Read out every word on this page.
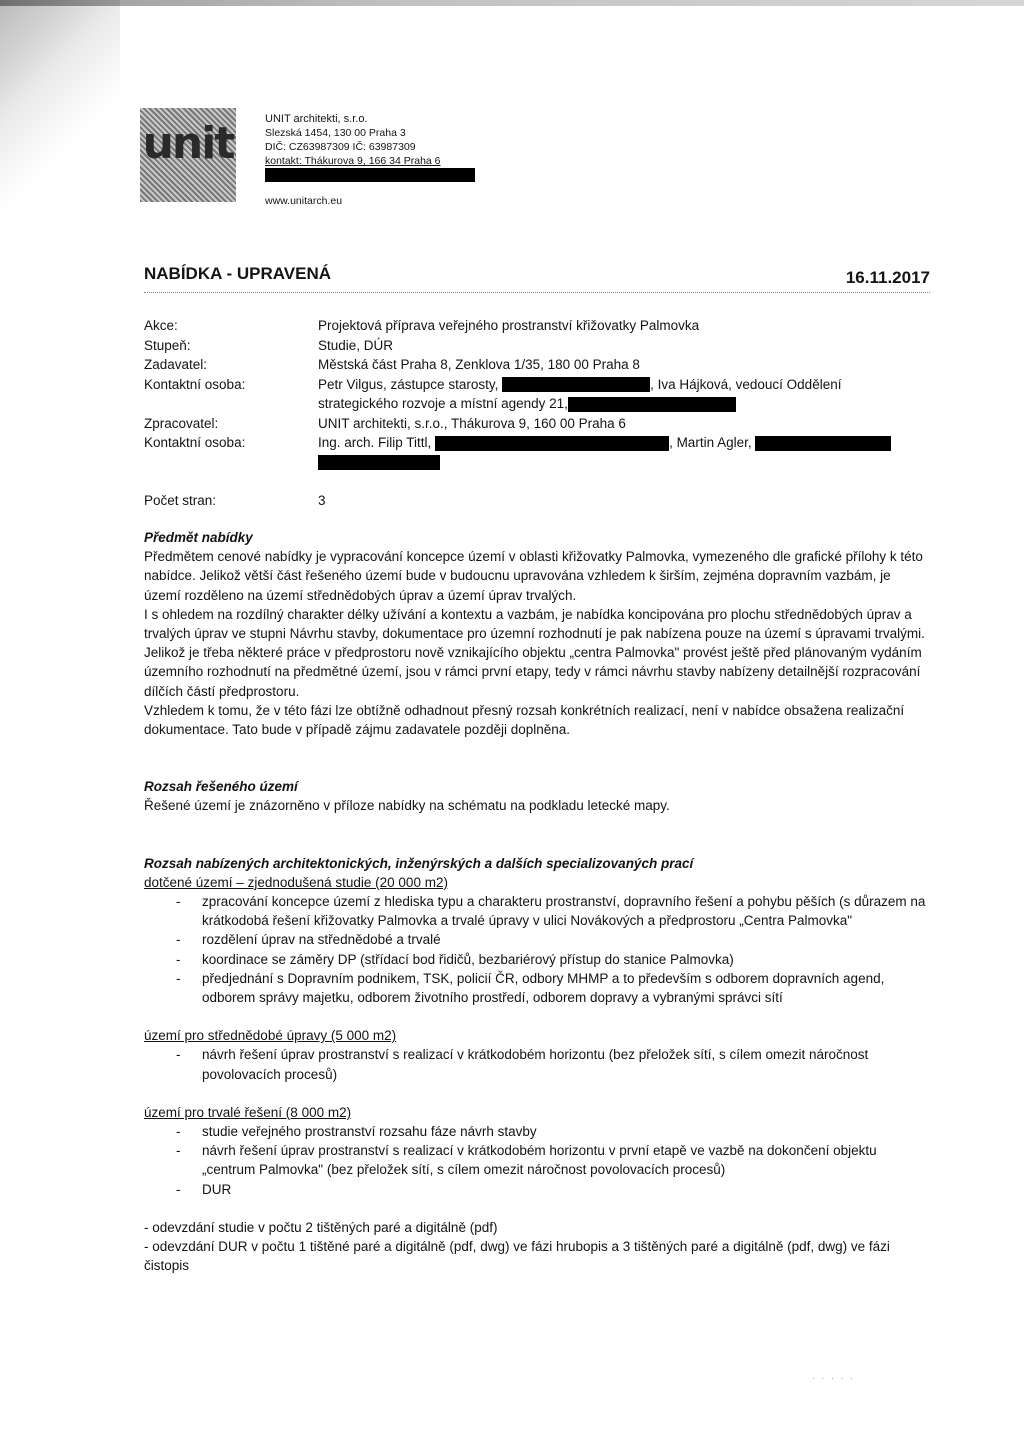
unit	UNIT architekti, s.r.o.
Slezská 1454, 130 00 Praha 3
DIČ: CZ63987309 IČ: 63987309
kontakt: Thákurova 9, 166 34 Praha 6
www.unitarch.eu
NABÍDKA - UPRAVENÁ	16.11.2017
Akce:	Projektová příprava veřejného prostranství křižovatky Palmovka
Stupeň:	Studie, DÚR
Zadavatel:	Městská část Praha 8, Zenklova 1/35, 180 00 Praha 8
Kontaktní osoba:	Petr Vilgus, zástupce starosty,	, Iva Hájková, vedoucí Oddělení
strategického rozvoje a místní agendy 21,
Zpracovatel:	UNIT architekti, s.r.o., Thákurova 9, 160 00 Praha 6
Kontaktní osoba:	Ing. arch. Filip Tittl,	, Martin Agler,

Počet stran:	3

Předmět nabídky

Předmětem cenové nabídky je vypracování koncepce území v oblasti křižovatky Palmovka, vymezeného dle grafické přílohy k této nabídce. Jelikož větší část řešeného území bude v budoucnu upravována vzhledem k širším, zejména dopravním vazbám, je území rozděleno na území střednědobých úprav a území úprav trvalých.

I s ohledem na rozdílný charakter délky užívání a kontextu a vazbám, je nabídka koncipována pro plochu střednědobých úprav a trvalých úprav ve stupni Návrhu stavby, dokumentace pro územní rozhodnutí je pak nabízena pouze na území s úpravami trvalými. Jelikož je třeba některé práce v předprostoru nově vznikajícího objektu „centra Palmovka" provést ještě před plánovaným vydáním územního rozhodnutí na předmětné území, jsou v rámci první etapy, tedy v rámci návrhu stavby nabízeny detailnější rozpracování dílčích částí předprostoru.

Vzhledem k tomu, že v této fázi lze obtížně odhadnout přesný rozsah konkrétních realizací, není v nabídce obsažena realizační dokumentace. Tato bude v případě zájmu zadavatele později doplněna.

Rozsah řešeného území

Řešené území je znázorněno v příloze nabídky na schématu na podkladu letecké mapy.

Rozsah nabízených architektonických, inženýrských a dalších specializovaných prací

dotčené území – zjednodušená studie (20 000 m2)

- zpracování koncepce území z hlediska typu a charakteru prostranství, dopravního řešení a pohybu pěších (s důrazem na krátkodobá řešení křižovatky Palmovka a trvalé úpravy v ulici Novákových a předprostoru „Centra Palmovka"
- rozdělení úprav na střednědobé a trvalé
- koordinace se záměry DP (střídací bod řidičů, bezbariérový přístup do stanice Palmovka)
- předjednání s Dopravním podnikem, TSK, policií ČR, odbory MHMP a to především s odborem dopravních agend, odborem správy majetku, odborem životního prostředí, odborem dopravy a vybranými správci sítí

území pro střednědobé úpravy (5 000 m2)

- návrh řešení úprav prostranství s realizací v krátkodobém horizontu (bez přeložek sítí, s cílem omezit náročnost povolovacích procesů)

území pro trvalé řešení (8 000 m2)

- studie veřejného prostranství rozsahu fáze návrh stavby
- návrh řešení úprav prostranství s realizací v krátkodobém horizontu v první etapě ve vazbě na dokončení objektu „centrum Palmovka" (bez přeložek sítí, s cílem omezit náročnost povolovacích procesů)
- DUR

- odevzdání studie v počtu 2 tištěných paré a digitálně (pdf)

- odevzdání DUR v počtu 1 tištěné paré a digitálně (pdf, dwg) ve fázi hrubopis a 3 tištěných paré a digitálně (pdf, dwg) ve fázi čistopis

· · · · ·
